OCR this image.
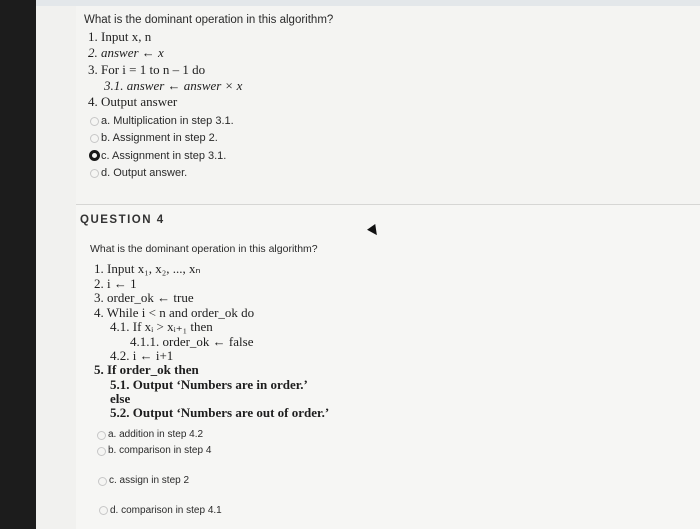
What is the dominant operation in this algorithm?
1. Input x, n
2. answer ← x
3. For i = 1 to n – 1 do
3.1. answer ← answer × x
4. Output answer
a. Multiplication in step 3.1.
b. Assignment in step 2.
c. Assignment in step 3.1.
d. Output answer.
QUESTION 4
What is the dominant operation in this algorithm?
1. Input x₁, x₂, ..., xₙ
2. i ← 1
3. order_ok ← true
4. While i < n and order_ok do
4.1. If xᵢ > xᵢ₊₁ then
4.1.1. order_ok ← false
4.2. i ← i+1
5. If order_ok then
5.1. Output ‘Numbers are in order.’
else
5.2. Output ‘Numbers are out of order.’
a. addition in step 4.2
b. comparison in step 4
c. assign in step 2
d. comparison in step 4.1
